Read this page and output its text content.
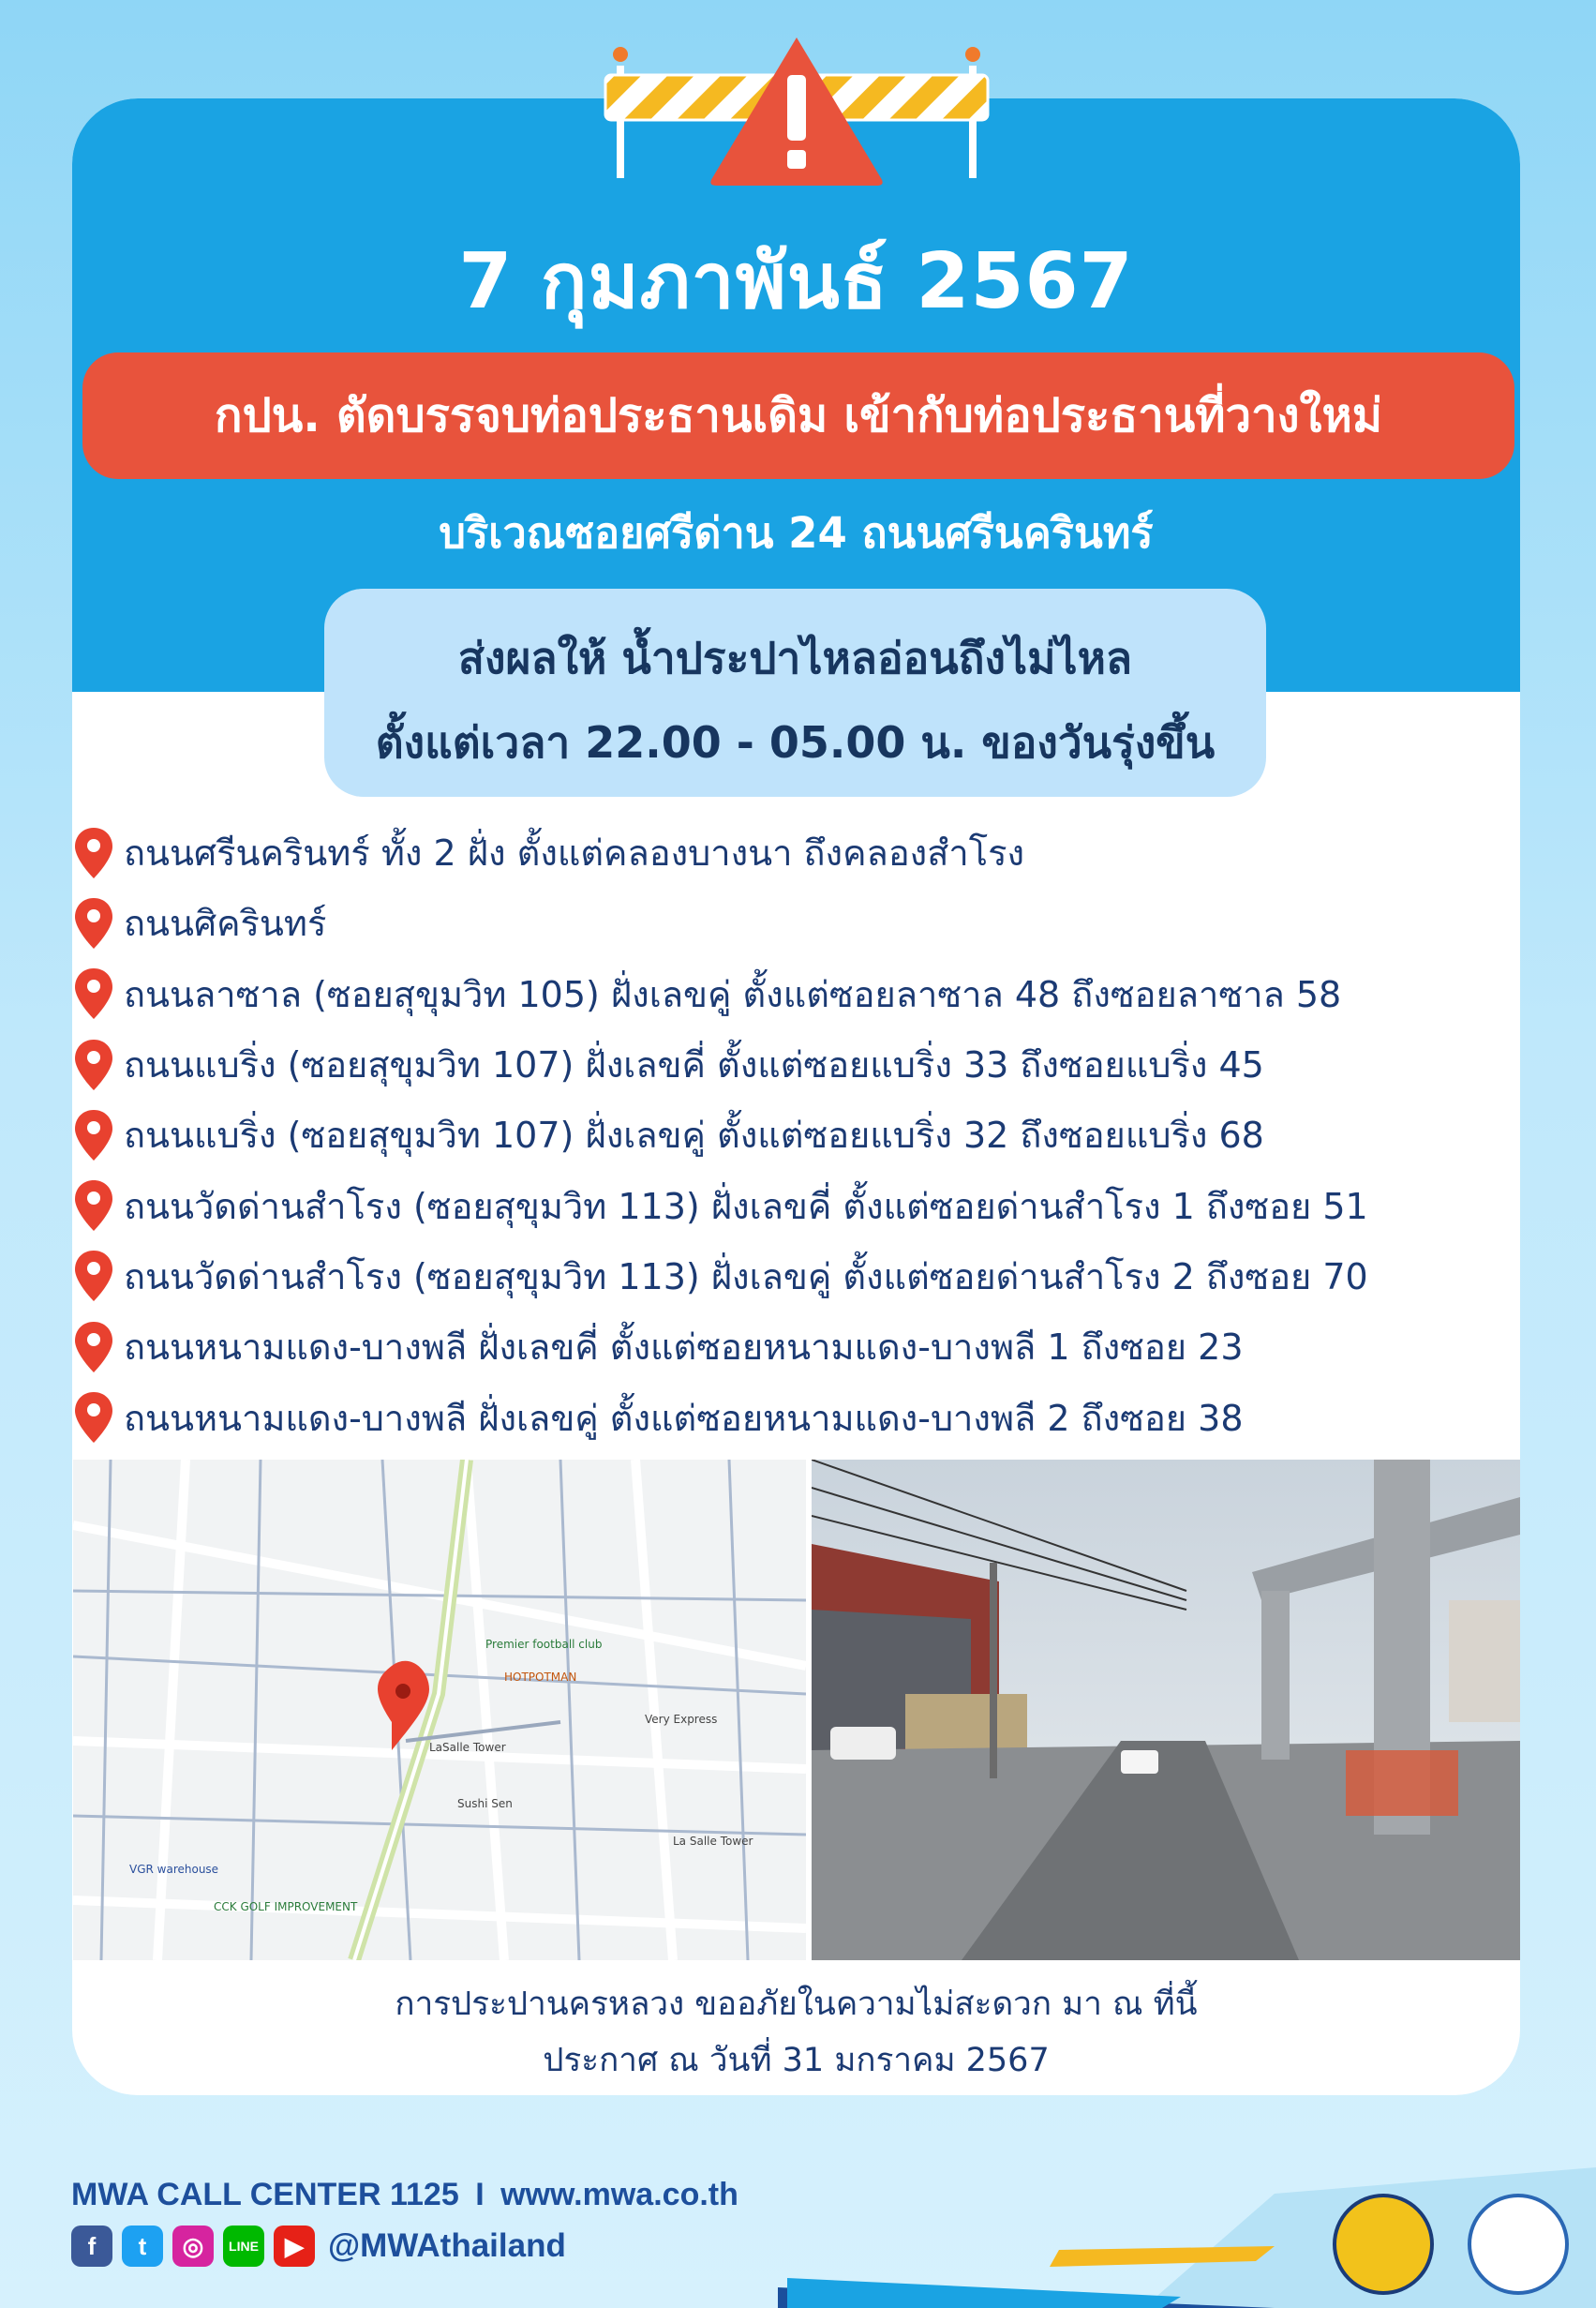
7 กุมภาพันธ์ 2567
กปน. ตัดบรรจบท่อประธานเดิม เข้ากับท่อประธานที่วางใหม่
บริเวณซอยศรีด่าน 24 ถนนศรีนครินทร์
ส่งผลให้ น้ำประปาไหลอ่อนถึงไม่ไหล
ตั้งแต่เวลา 22.00 - 05.00 น. ของวันรุ่งขึ้น
ถนนศรีนครินทร์ ทั้ง 2 ฝั่ง ตั้งแต่คลองบางนา ถึงคลองสำโรง
ถนนศิครินทร์
ถนนลาซาล (ซอยสุขุมวิท 105) ฝั่งเลขคู่ ตั้งแต่ซอยลาซาล 48 ถึงซอยลาซาล 58
ถนนแบริ่ง (ซอยสุขุมวิท 107) ฝั่งเลขคี่ ตั้งแต่ซอยแบริ่ง 33 ถึงซอยแบริ่ง 45
ถนนแบริ่ง (ซอยสุขุมวิท 107) ฝั่งเลขคู่ ตั้งแต่ซอยแบริ่ง 32 ถึงซอยแบริ่ง 68
ถนนวัดด่านสำโรง (ซอยสุขุมวิท 113) ฝั่งเลขคี่ ตั้งแต่ซอยด่านสำโรง 1 ถึงซอย 51
ถนนวัดด่านสำโรง (ซอยสุขุมวิท 113) ฝั่งเลขคู่ ตั้งแต่ซอยด่านสำโรง 2 ถึงซอย 70
ถนนหนามแดง-บางพลี ฝั่งเลขคี่ ตั้งแต่ซอยหนามแดง-บางพลี 1 ถึงซอย 23
ถนนหนามแดง-บางพลี ฝั่งเลขคู่ ตั้งแต่ซอยหนามแดง-บางพลี 2 ถึงซอย 38
LaSalle Tower
Premier football club
HOTPOTMAN
Sushi Sen
VGR warehouse
CCK GOLF IMPROVEMENT
La Salle Tower
Very Express
การประปานครหลวง ขออภัยในความไม่สะดวก มา ณ ที่นี้
ประกาศ ณ วันที่ 31 มกราคม 2567
MWA CALL CENTER 1125 I www.mwa.co.th
f	t	◎	LINE	▶ @MWAthailand
